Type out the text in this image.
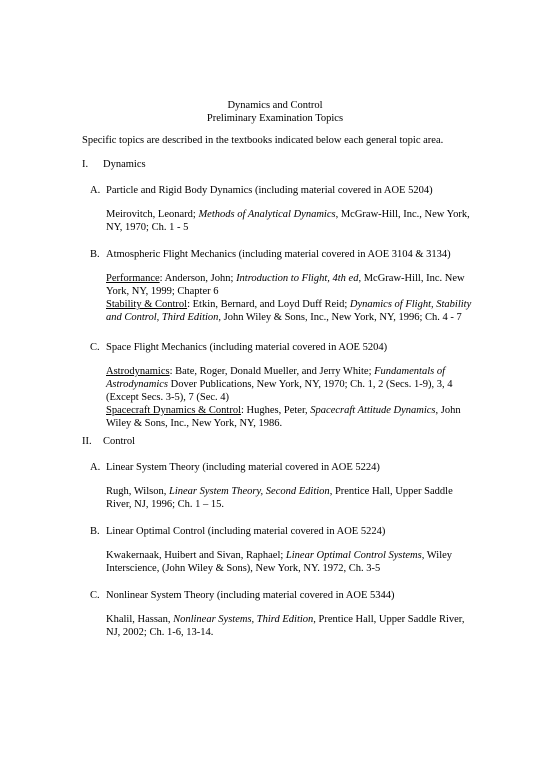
Dynamics and Control
Preliminary Examination Topics
Specific topics are described in the textbooks indicated below each general topic area.
I.	Dynamics
A. Particle and Rigid Body Dynamics (including material covered in AOE 5204)

Meirovitch, Leonard; Methods of Analytical Dynamics, McGraw-Hill, Inc., New York, NY, 1970; Ch. 1 - 5

B. Atmospheric Flight Mechanics (including material covered in AOE 3104 & 3134)

Performance: Anderson, John; Introduction to Flight, 4th ed, McGraw-Hill, Inc. New York, NY, 1999; Chapter 6

Stability & Control: Etkin, Bernard, and Loyd Duff Reid; Dynamics of Flight, Stability and Control, Third Edition, John Wiley & Sons, Inc., New York, NY, 1996; Ch. 4 - 7

C. Space Flight Mechanics (including material covered in AOE 5204)

Astrodynamics: Bate, Roger, Donald Mueller, and Jerry White; Fundamentals of Astrodynamics Dover Publications, New York, NY, 1970; Ch. 1, 2 (Secs. 1-9), 3, 4 (Except Secs. 3-5), 7 (Sec. 4)

Spacecraft Dynamics & Control: Hughes, Peter, Spacecraft Attitude Dynamics, John Wiley & Sons, Inc., New York, NY, 1986.

II.	Control
A. Linear System Theory (including material covered in AOE 5224)

Rugh, Wilson, Linear System Theory, Second Edition, Prentice Hall, Upper Saddle River, NJ, 1996; Ch. 1 – 15.

B. Linear Optimal Control (including material covered in AOE 5224)

Kwakernaak, Huibert and Sivan, Raphael; Linear Optimal Control Systems, Wiley Interscience, (John Wiley & Sons), New York, NY. 1972, Ch. 3-5

C. Nonlinear System Theory (including material covered in AOE 5344)

Khalil, Hassan, Nonlinear Systems, Third Edition, Prentice Hall, Upper Saddle River, NJ, 2002; Ch. 1-6, 13-14.
